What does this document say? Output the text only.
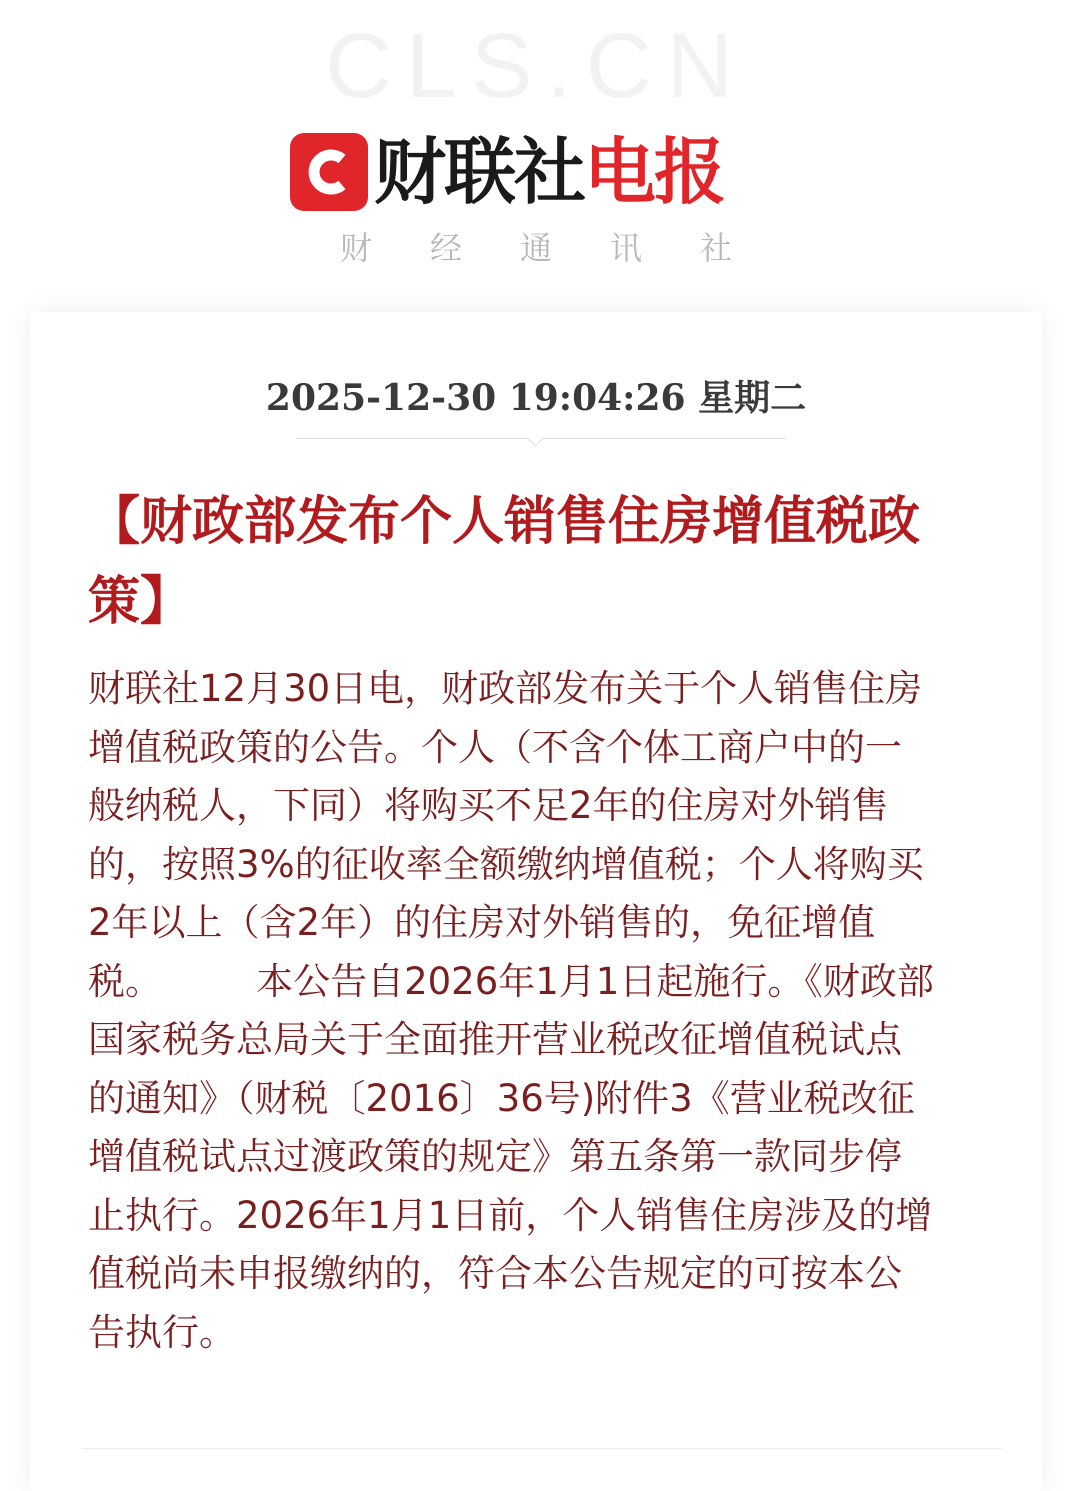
CLS.CN
财联社电报
财经通讯社
2025-12-30 19:04:26 星期二
【财政部发布个人销售住房增值税政策】
财联社12月30日电，财政部发布关于个人销售住房
增值税政策的公告。个人（不含个体工商户中的一
般纳税人，下同）将购买不足2年的住房对外销售
的，按照3%的征收率全额缴纳增值税；个人将购买
2年以上（含2年）的住房对外销售的，免征增值
税。        本公告自2026年1月1日起施行。《财政部
国家税务总局关于全面推开营业税改征增值税试点
的通知》（财税〔2016〕36号)附件3《营业税改征
增值税试点过渡政策的规定》第五条第一款同步停
止执行。2026年1月1日前，个人销售住房涉及的增
值税尚未申报缴纳的，符合本公告规定的可按本公
告执行。
